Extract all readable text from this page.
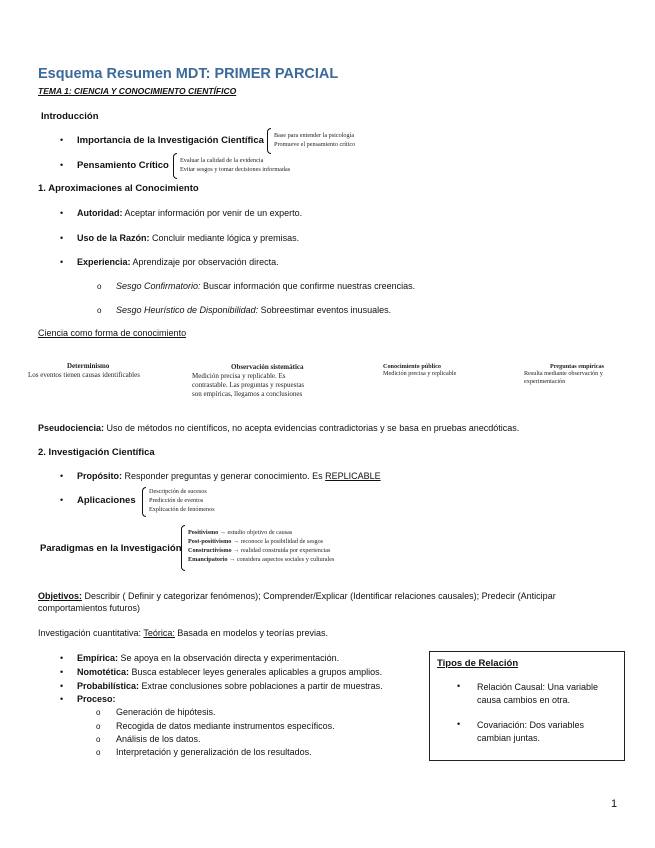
Esquema Resumen MDT: PRIMER PARCIAL
TEMA 1: CIENCIA Y CONOCIMIENTO CIENTÍFICO
Introducción
• Importancia de la Investigación Científica Base para entender la psicología
Promueve el pensamiento crítico
• Pensamiento Crítico Evaluar la calidad de la evidencia
Evitar sesgos y tomar decisiones informadas
1. Aproximaciones al Conocimiento
• Autoridad: Aceptar información por venir de un experto.
• Uso de la Razón: Concluir mediante lógica y premisas.
• Experiencia: Aprendizaje por observación directa.
o Sesgo Confirmatorio: Buscar información que confirme nuestras creencias.
o Sesgo Heurístico de Disponibilidad: Sobreestimar eventos inusuales.
Ciencia como forma de conocimiento
Determinismo
Los eventos tienen causas identificables
Observación sistemática
Medición precisa y replicable. Es
contrastable. Las preguntas y respuestas
son empíricas, llegamos a conclusiones
Conocimiento público
Medición precisa y replicable
Preguntas empíricas
Resulta mediante observación y
experimentación
Pseudociencia: Uso de métodos no científicos, no acepta evidencias contradictorias y se basa en pruebas anecdóticas.
2. Investigación Científica
• Propósito: Responder preguntas y generar conocimiento. Es REPLICABLE
• Aplicaciones
Descripción de sucesos
Predicción de eventos
Explicación de fenómenos
Paradigmas en la Investigación
Positivismo → estudio objetivo de causas
Post-positivismo → reconoce la posibilidad de sesgos
Constructivismo → realidad construida por experiencias
Emancipatorio → considera aspectos sociales y culturales
Objetivos: Describir ( Definir y categorizar fenómenos); Comprender/Explicar (Identificar relaciones causales); Predecir (Anticipar
comportamientos futuros)
Investigación cuantitativa: Teórica: Basada en modelos y teorías previas.
• Empírica: Se apoya en la observación directa y experimentación.
• Nomotética: Busca establecer leyes generales aplicables a grupos amplios.
• Probabilística: Extrae conclusiones sobre poblaciones a partir de muestras.
• Proceso:
o Generación de hipótesis.
o Recogida de datos mediante instrumentos específicos.
o Análisis de los datos.
o Interpretación y generalización de los resultados.
Tipos de Relación
• Relación Causal: Una variable
causa cambios en otra.
• Covariación: Dos variables
cambian juntas.
1
